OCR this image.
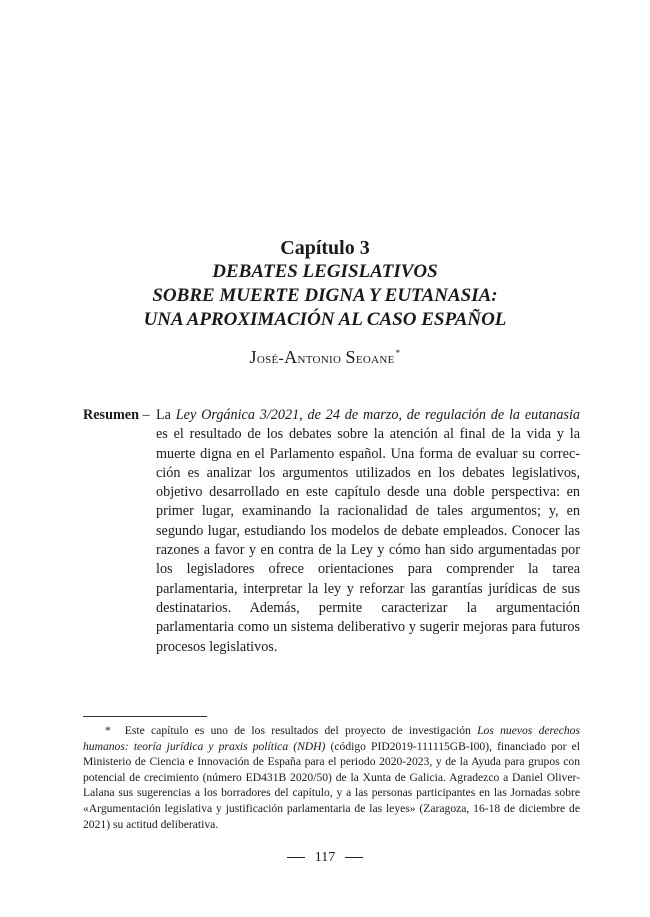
Capítulo 3
DEBATES LEGISLATIVOS
SOBRE MUERTE DIGNA Y EUTANASIA:
UNA APROXIMACIÓN AL CASO ESPAÑOL
José-Antonio Seoane*
Resumen – La Ley Orgánica 3/2021, de 24 de marzo, de regulación de la eutanasia es el resultado de los debates sobre la atención al final de la vida y la muerte digna en el Parlamento español. Una forma de evaluar su corrección es analizar los argumentos utilizados en los debates legislativos, objetivo desarrollado en este capítulo desde una doble perspectiva: en primer lugar, examinando la racionalidad de tales argumentos; y, en segundo lugar, estudiando los modelos de debate empleados. Conocer las razones a favor y en contra de la Ley y cómo han sido argumentadas por los legisladores ofrece orientaciones para comprender la tarea parlamentaria, interpretar la ley y reforzar las garantías jurídicas de sus destinatarios. Además, permite caracterizar la argumentación parlamentaria como un sistema deliberativo y sugerir mejoras para futuros procesos legislativos.
* Este capítulo es uno de los resultados del proyecto de investigación Los nuevos derechos humanos: teoría jurídica y praxis política (NDH) (código PID2019-111115GB-I00), financiado por el Ministerio de Ciencia e Innovación de España para el periodo 2020-2023, y de la Ayuda para grupos con potencial de crecimiento (número ED431B 2020/50) de la Xunta de Galicia. Agradezco a Daniel Oliver-Lalana sus sugerencias a los borradores del capítulo, y a las personas participantes en las Jornadas sobre «Argumentación legislativa y justificación parlamentaria de las leyes» (Zaragoza, 16-18 de diciembre de 2021) su actitud deliberativa.
117
